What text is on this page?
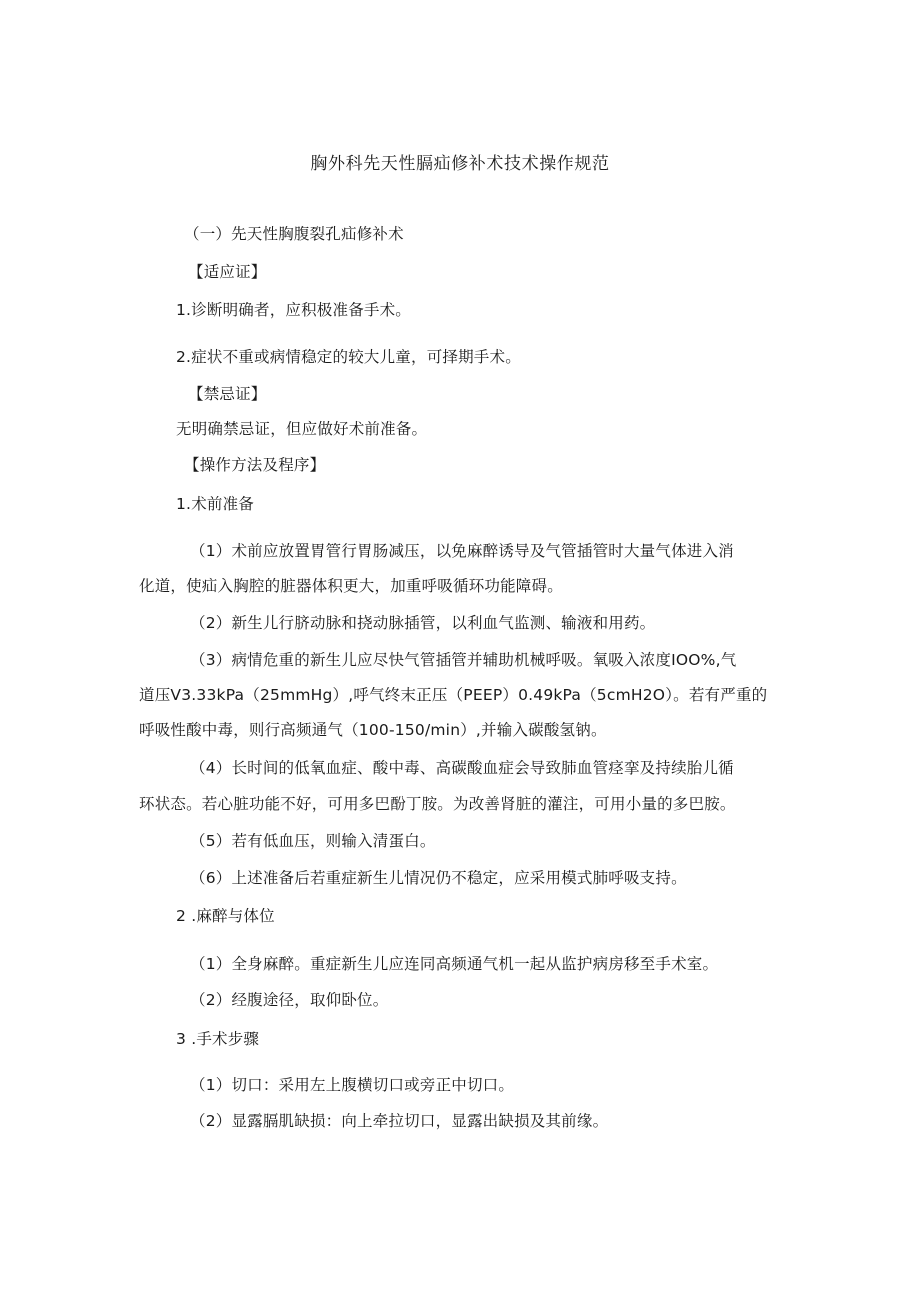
胸外科先天性膈疝修补术技术操作规范
（一）先天性胸腹裂孔疝修补术
【适应证】
1.诊断明确者，应积极准备手术。
2.症状不重或病情稳定的较大儿童，可择期手术。
【禁忌证】
无明确禁忌证，但应做好术前准备。
【操作方法及程序】
1.术前准备
（1）术前应放置胃管行胃肠减压，以免麻醉诱导及气管插管时大量气体进入消
化道，使疝入胸腔的脏器体积更大，加重呼吸循环功能障碍。
（2）新生儿行脐动脉和挠动脉插管，以利血气监测、输液和用药。
（3）病情危重的新生儿应尽快气管插管并辅助机械呼吸。氧吸入浓度IOO%,气
道压V3.33kPa（25mmHg）,呼气终末正压（PEEP）0.49kPa（5cmH2O）。若有严重的
呼吸性酸中毒，则行高频通气（100-150/min）,并输入碳酸氢钠。
（4）长时间的低氧血症、酸中毒、高碳酸血症会导致肺血管痉挛及持续胎儿循
环状态。若心脏功能不好，可用多巴酚丁胺。为改善肾脏的灌注，可用小量的多巴胺。
（5）若有低血压，则输入清蛋白。
（6）上述准备后若重症新生儿情况仍不稳定，应采用模式肺呼吸支持。
2 .麻醉与体位
（1）全身麻醉。重症新生儿应连同高频通气机一起从监护病房移至手术室。
（2）经腹途径，取仰卧位。
3 .手术步骤
（1）切口：采用左上腹横切口或旁正中切口。
（2）显露膈肌缺损：向上牵拉切口，显露出缺损及其前缘。
